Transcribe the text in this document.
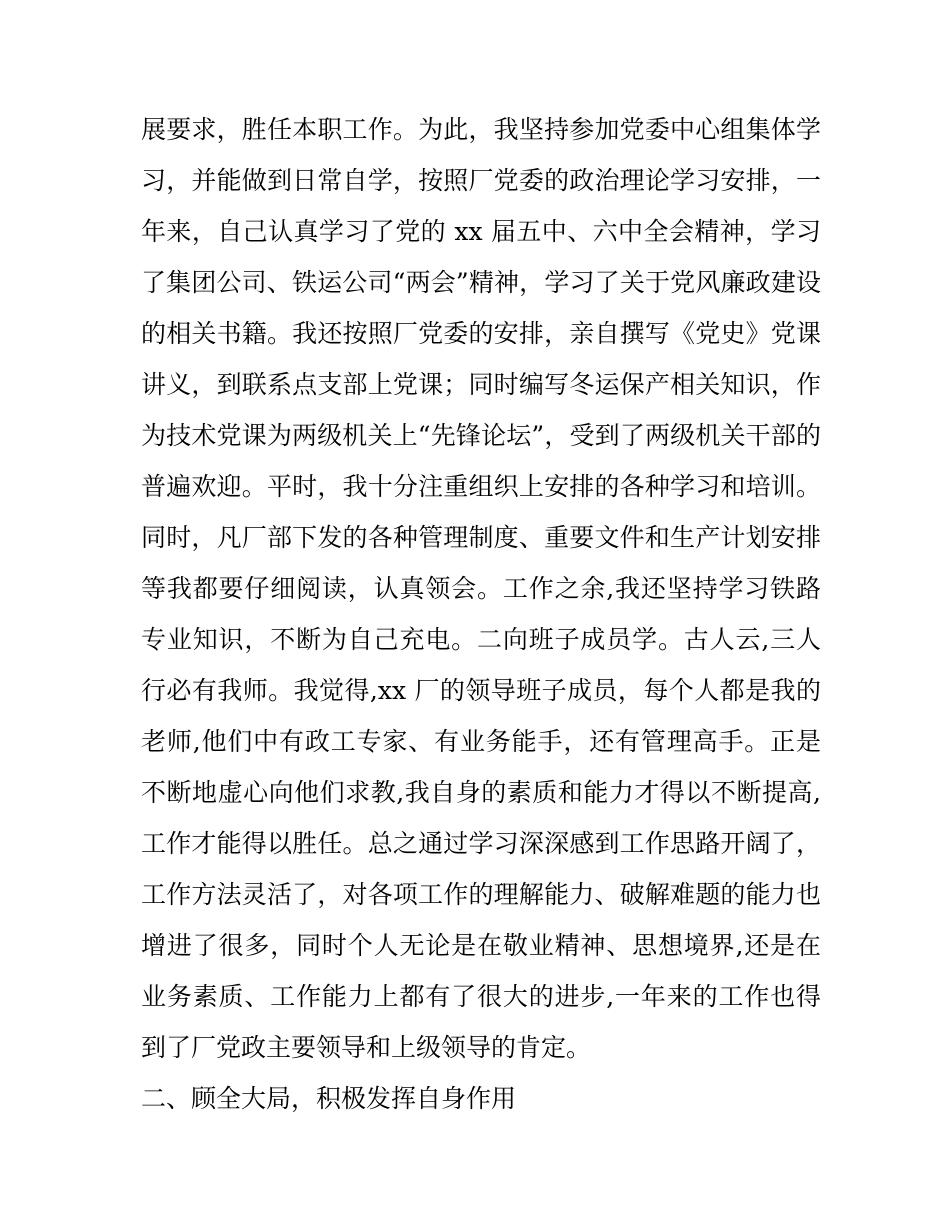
展要求，胜任本职工作。为此，我坚持参加党委中心组集体学
习，并能做到日常自学，按照厂党委的政治理论学习安排，一
年来，自己认真学习了党的 xx 届五中、六中全会精神，学习
了集团公司、铁运公司“两会”精神，学习了关于党风廉政建设
的相关书籍。我还按照厂党委的安排，亲自撰写《党史》党课
讲义，到联系点支部上党课；同时编写冬运保产相关知识，作
为技术党课为两级机关上“先锋论坛”，受到了两级机关干部的
普遍欢迎。平时，我十分注重组织上安排的各种学习和培训。
同时，凡厂部下发的各种管理制度、重要文件和生产计划安排
等我都要仔细阅读，认真领会。工作之余,我还坚持学习铁路
专业知识，不断为自己充电。二向班子成员学。古人云,三人
行必有我师。我觉得,xx 厂的领导班子成员，每个人都是我的
老师,他们中有政工专家、有业务能手，还有管理高手。正是
不断地虚心向他们求教,我自身的素质和能力才得以不断提高,
工作才能得以胜任。总之通过学习深深感到工作思路开阔了，
工作方法灵活了，对各项工作的理解能力、破解难题的能力也
增进了很多，同时个人无论是在敬业精神、思想境界,还是在
业务素质、工作能力上都有了很大的进步,一年来的工作也得
到了厂党政主要领导和上级领导的肯定。
二、顾全大局，积极发挥自身作用
